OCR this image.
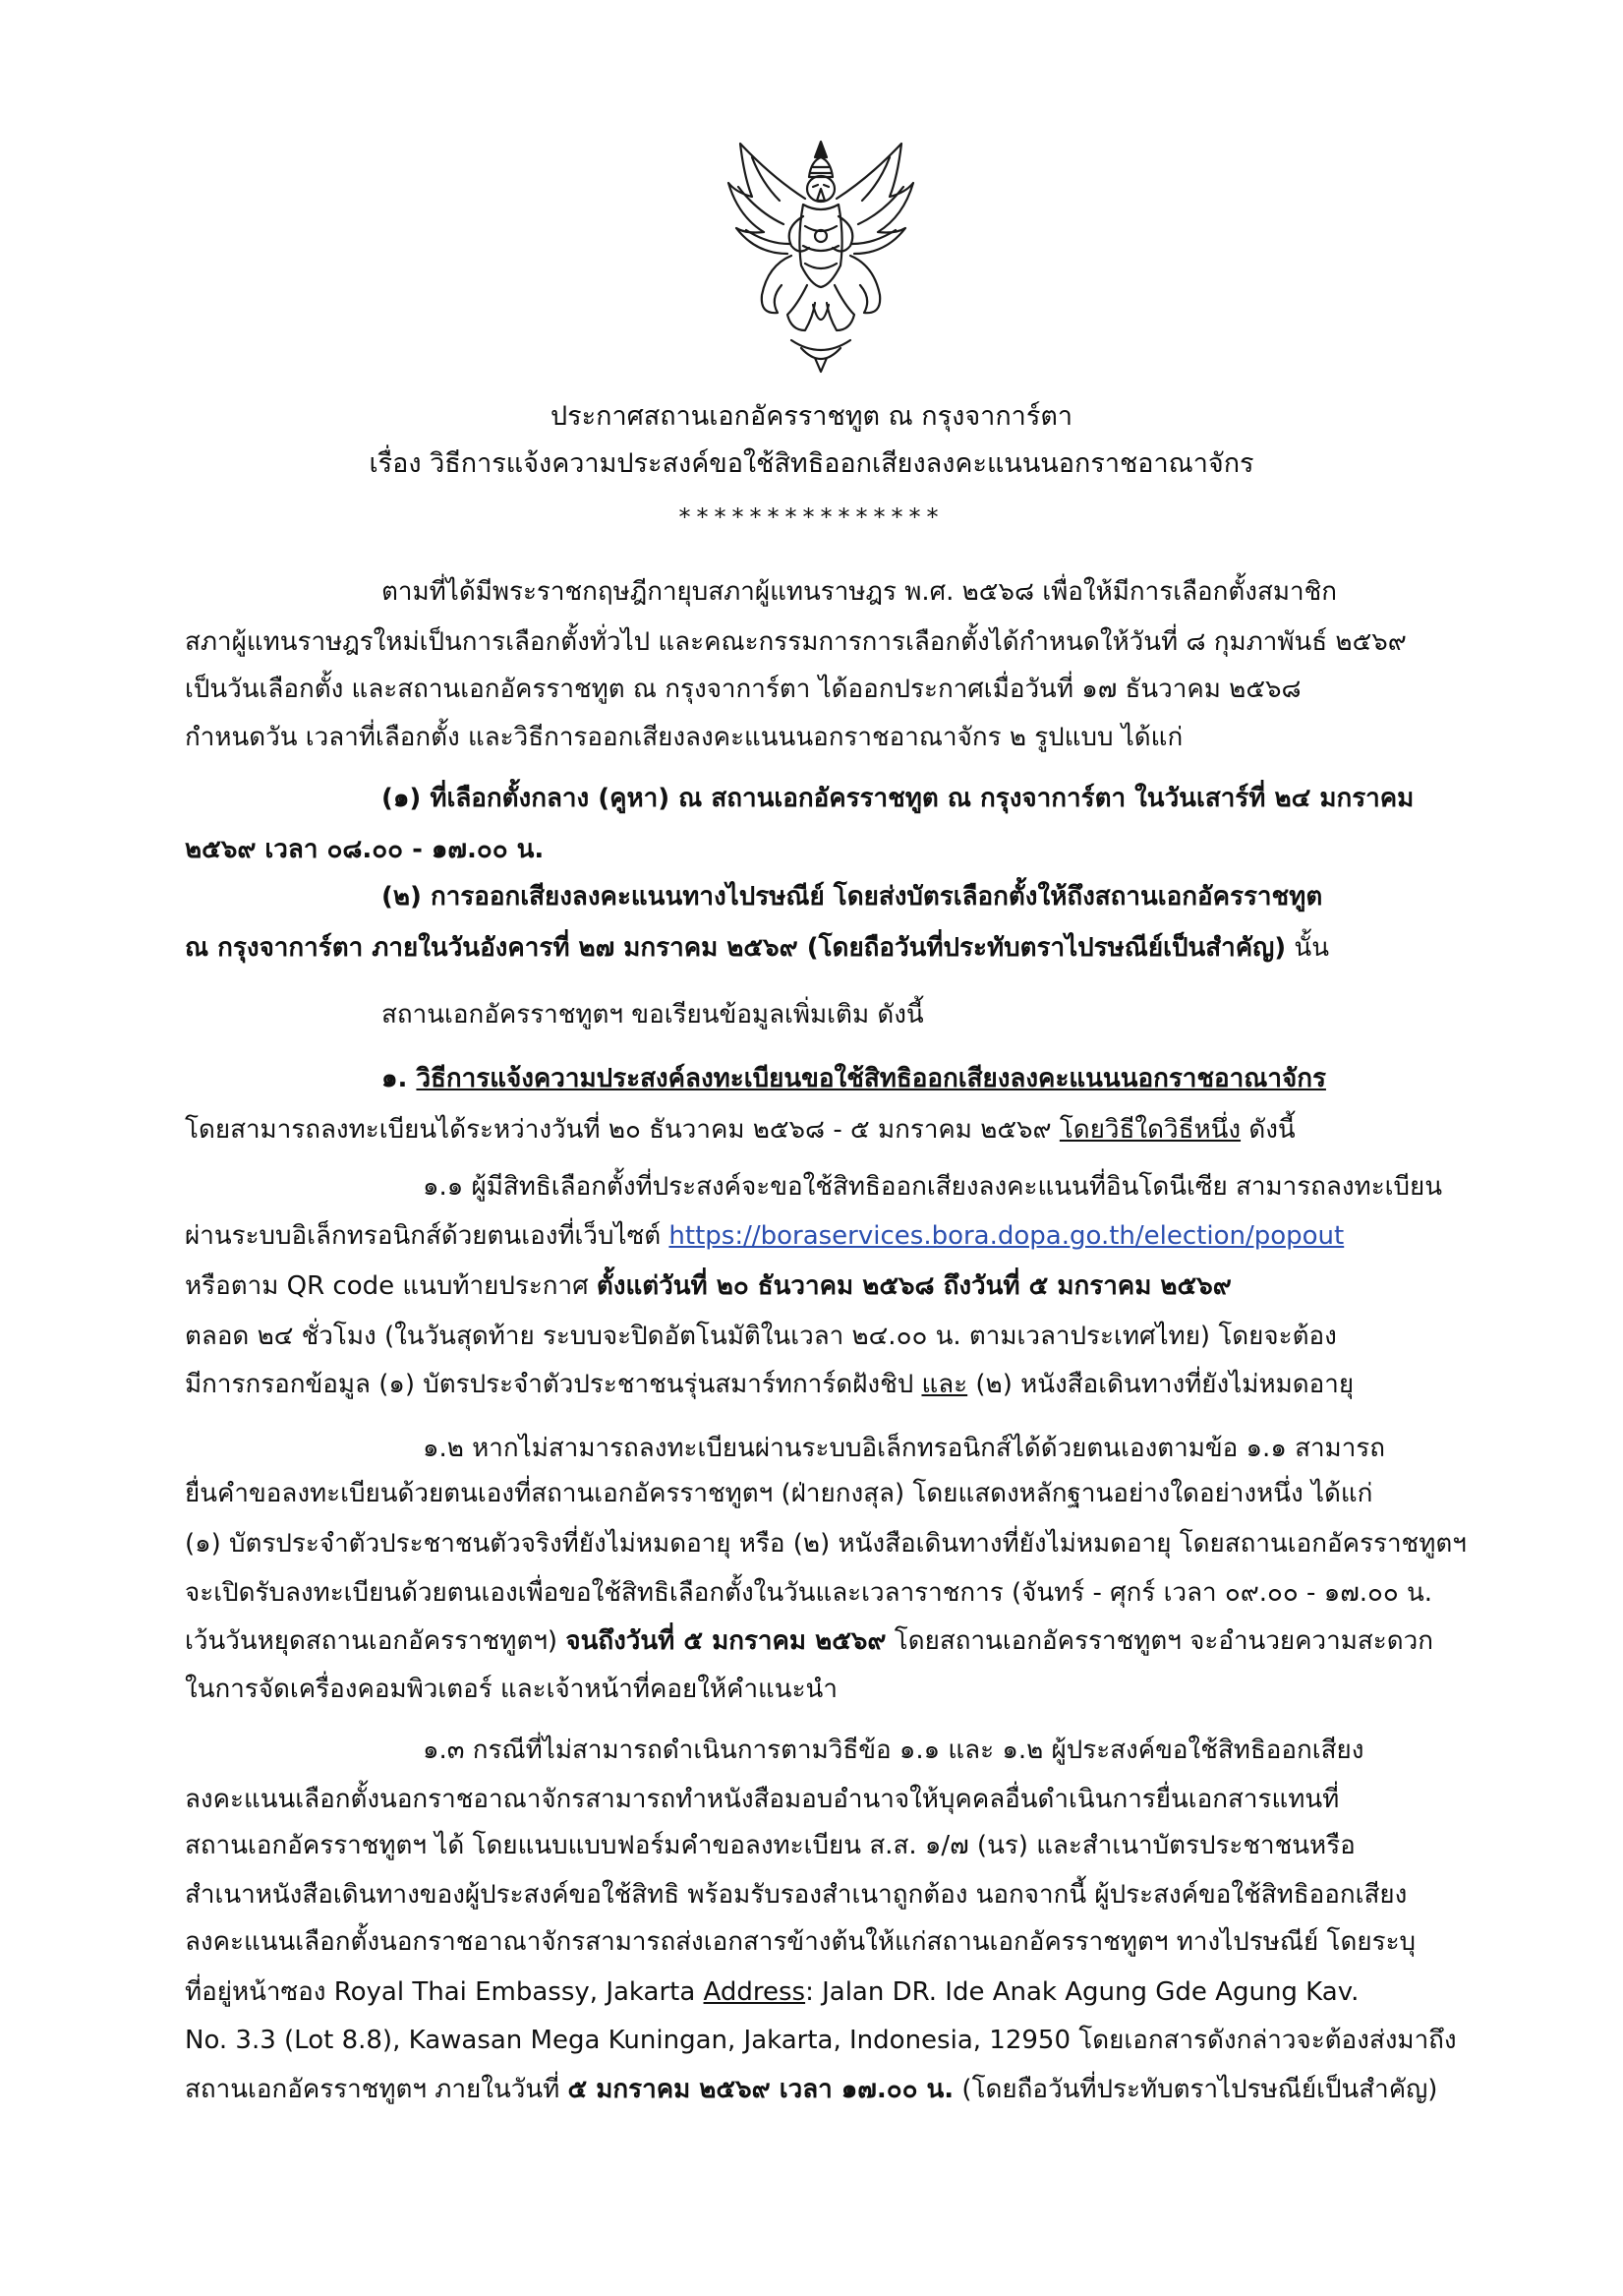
ประกาศสถานเอกอัครราชทูต ณ กรุงจาการ์ตา
เรื่อง วิธีการแจ้งความประสงค์ขอใช้สิทธิออกเสียงลงคะแนนนอกราชอาณาจักร
***************
ตามที่ได้มีพระราชกฤษฎีกายุบสภาผู้แทนราษฎร พ.ศ. ๒๕๖๘ เพื่อให้มีการเลือกตั้งสมาชิก
สภาผู้แทนราษฎรใหม่เป็นการเลือกตั้งทั่วไป และคณะกรรมการการเลือกตั้งได้กำหนดให้วันที่ ๘ กุมภาพันธ์ ๒๕๖๙
เป็นวันเลือกตั้ง และสถานเอกอัครราชทูต ณ กรุงจาการ์ตา ได้ออกประกาศเมื่อวันที่ ๑๗ ธันวาคม ๒๕๖๘
กำหนดวัน เวลาที่เลือกตั้ง และวิธีการออกเสียงลงคะแนนนอกราชอาณาจักร ๒ รูปแบบ ได้แก่
(๑) ที่เลือกตั้งกลาง (คูหา) ณ สถานเอกอัครราชทูต ณ กรุงจาการ์ตา ในวันเสาร์ที่ ๒๔ มกราคม
๒๕๖๙ เวลา ๐๘.๐๐ - ๑๗.๐๐ น.
(๒) การออกเสียงลงคะแนนทางไปรษณีย์ โดยส่งบัตรเลือกตั้งให้ถึงสถานเอกอัครราชทูต
ณ กรุงจาการ์ตา ภายในวันอังคารที่ ๒๗ มกราคม ๒๕๖๙ (โดยถือวันที่ประทับตราไปรษณีย์เป็นสำคัญ) นั้น
สถานเอกอัครราชทูตฯ ขอเรียนข้อมูลเพิ่มเติม ดังนี้
๑. วิธีการแจ้งความประสงค์ลงทะเบียนขอใช้สิทธิออกเสียงลงคะแนนนอกราชอาณาจักร
โดยสามารถลงทะเบียนได้ระหว่างวันที่ ๒๐ ธันวาคม ๒๕๖๘ - ๕ มกราคม ๒๕๖๙ โดยวิธีใดวิธีหนึ่ง ดังนี้
๑.๑ ผู้มีสิทธิเลือกตั้งที่ประสงค์จะขอใช้สิทธิออกเสียงลงคะแนนที่อินโดนีเซีย สามารถลงทะเบียน
ผ่านระบบอิเล็กทรอนิกส์ด้วยตนเองที่เว็บไซต์ https://boraservices.bora.dopa.go.th/election/popout
หรือตาม QR code แนบท้ายประกาศ ตั้งแต่วันที่ ๒๐ ธันวาคม ๒๕๖๘ ถึงวันที่ ๕ มกราคม ๒๕๖๙
ตลอด ๒๔ ชั่วโมง (ในวันสุดท้าย ระบบจะปิดอัตโนมัติในเวลา ๒๔.๐๐ น. ตามเวลาประเทศไทย) โดยจะต้อง
มีการกรอกข้อมูล (๑) บัตรประจำตัวประชาชนรุ่นสมาร์ทการ์ดฝังชิป และ (๒) หนังสือเดินทางที่ยังไม่หมดอายุ
๑.๒ หากไม่สามารถลงทะเบียนผ่านระบบอิเล็กทรอนิกส์ได้ด้วยตนเองตามข้อ ๑.๑ สามารถ
ยื่นคำขอลงทะเบียนด้วยตนเองที่สถานเอกอัครราชทูตฯ (ฝ่ายกงสุล) โดยแสดงหลักฐานอย่างใดอย่างหนึ่ง ได้แก่
(๑) บัตรประจำตัวประชาชนตัวจริงที่ยังไม่หมดอายุ หรือ (๒) หนังสือเดินทางที่ยังไม่หมดอายุ โดยสถานเอกอัครราชทูตฯ
จะเปิดรับลงทะเบียนด้วยตนเองเพื่อขอใช้สิทธิเลือกตั้งในวันและเวลาราชการ (จันทร์ - ศุกร์ เวลา ๐๙.๐๐ - ๑๗.๐๐ น.
เว้นวันหยุดสถานเอกอัครราชทูตฯ) จนถึงวันที่ ๕ มกราคม ๒๕๖๙ โดยสถานเอกอัครราชทูตฯ จะอำนวยความสะดวก
ในการจัดเครื่องคอมพิวเตอร์ และเจ้าหน้าที่คอยให้คำแนะนำ
๑.๓ กรณีที่ไม่สามารถดำเนินการตามวิธีข้อ ๑.๑ และ ๑.๒ ผู้ประสงค์ขอใช้สิทธิออกเสียง
ลงคะแนนเลือกตั้งนอกราชอาณาจักรสามารถทำหนังสือมอบอำนาจให้บุคคลอื่นดำเนินการยื่นเอกสารแทนที่
สถานเอกอัครราชทูตฯ ได้ โดยแนบแบบฟอร์มคำขอลงทะเบียน ส.ส. ๑/๗ (นร) และสำเนาบัตรประชาชนหรือ
สำเนาหนังสือเดินทางของผู้ประสงค์ขอใช้สิทธิ พร้อมรับรองสำเนาถูกต้อง นอกจากนี้ ผู้ประสงค์ขอใช้สิทธิออกเสียง
ลงคะแนนเลือกตั้งนอกราชอาณาจักรสามารถส่งเอกสารข้างต้นให้แก่สถานเอกอัครราชทูตฯ ทางไปรษณีย์ โดยระบุ
ที่อยู่หน้าซอง Royal Thai Embassy, Jakarta Address: Jalan DR. Ide Anak Agung Gde Agung Kav.
No. 3.3 (Lot 8.8), Kawasan Mega Kuningan, Jakarta, Indonesia, 12950 โดยเอกสารดังกล่าวจะต้องส่งมาถึง
สถานเอกอัครราชทูตฯ ภายในวันที่ ๕ มกราคม ๒๕๖๙ เวลา ๑๗.๐๐ น. (โดยถือวันที่ประทับตราไปรษณีย์เป็นสำคัญ)
